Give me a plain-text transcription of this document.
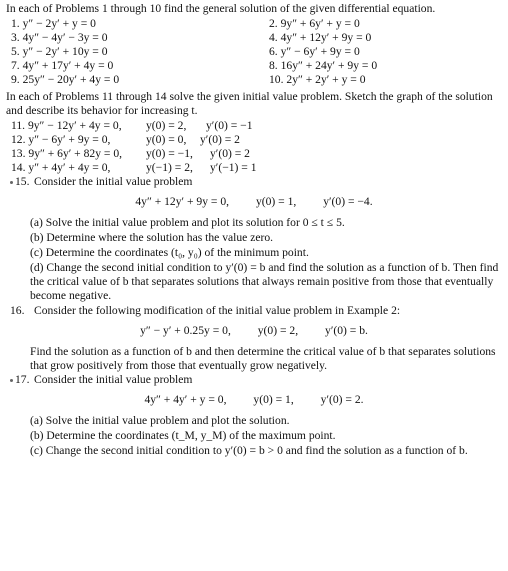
In each of Problems 1 through 10 find the general solution of the given differential equation.

1. y″ − 2y′ + y = 0	2. 9y″ + 6y′ + y = 0
3. 4y″ − 4y′ − 3y = 0	4. 4y″ + 12y′ + 9y = 0
5. y″ − 2y′ + 10y = 0	6. y″ − 6y′ + 9y = 0
7. 4y″ + 17y′ + 4y = 0	8. 16y″ + 24y′ + 9y = 0
9. 25y″ − 20y′ + 4y = 0	10. 2y″ + 2y′ + y = 0

In each of Problems 11 through 14 solve the given initial value problem. Sketch the graph of the solution and describe its behavior for increasing t.

11. 9y″ − 12y′ + 4y = 0,	y(0) = 2,	y′(0) = −1
12. y″ − 6y′ + 9y = 0,	y(0) = 0,	y′(0) = 2
13. 9y″ + 6y′ + 82y = 0,	y(0) = −1,	y′(0) = 2
14. y″ + 4y′ + 4y = 0,	y(−1) = 2,	y′(−1) = 1
15. Consider the initial value problem
4y″ + 12y′ + 9y = 0, y(0) = 1, y′(0) = −4.
(a) Solve the initial value problem and plot its solution for 0 ≤ t ≤ 5.
(b) Determine where the solution has the value zero.
(c) Determine the coordinates (t₀, y₀) of the minimum point.
(d) Change the second initial condition to y′(0) = b and find the solution as a function of b. Then find the critical value of b that separates solutions that always remain positive from those that eventually become negative.
16. Consider the following modification of the initial value problem in Example 2:
y″ − y′ + 0.25y = 0, y(0) = 2, y′(0) = b.

Find the solution as a function of b and then determine the critical value of b that separates solutions that grow positively from those that eventually grow negatively.

17. Consider the initial value problem
4y″ + 4y′ + y = 0, y(0) = 1, y′(0) = 2.
(a) Solve the initial value problem and plot the solution.
(b) Determine the coordinates (t_M, y_M) of the maximum point.
(c) Change the second initial condition to y′(0) = b > 0 and find the solution as a function of b.
